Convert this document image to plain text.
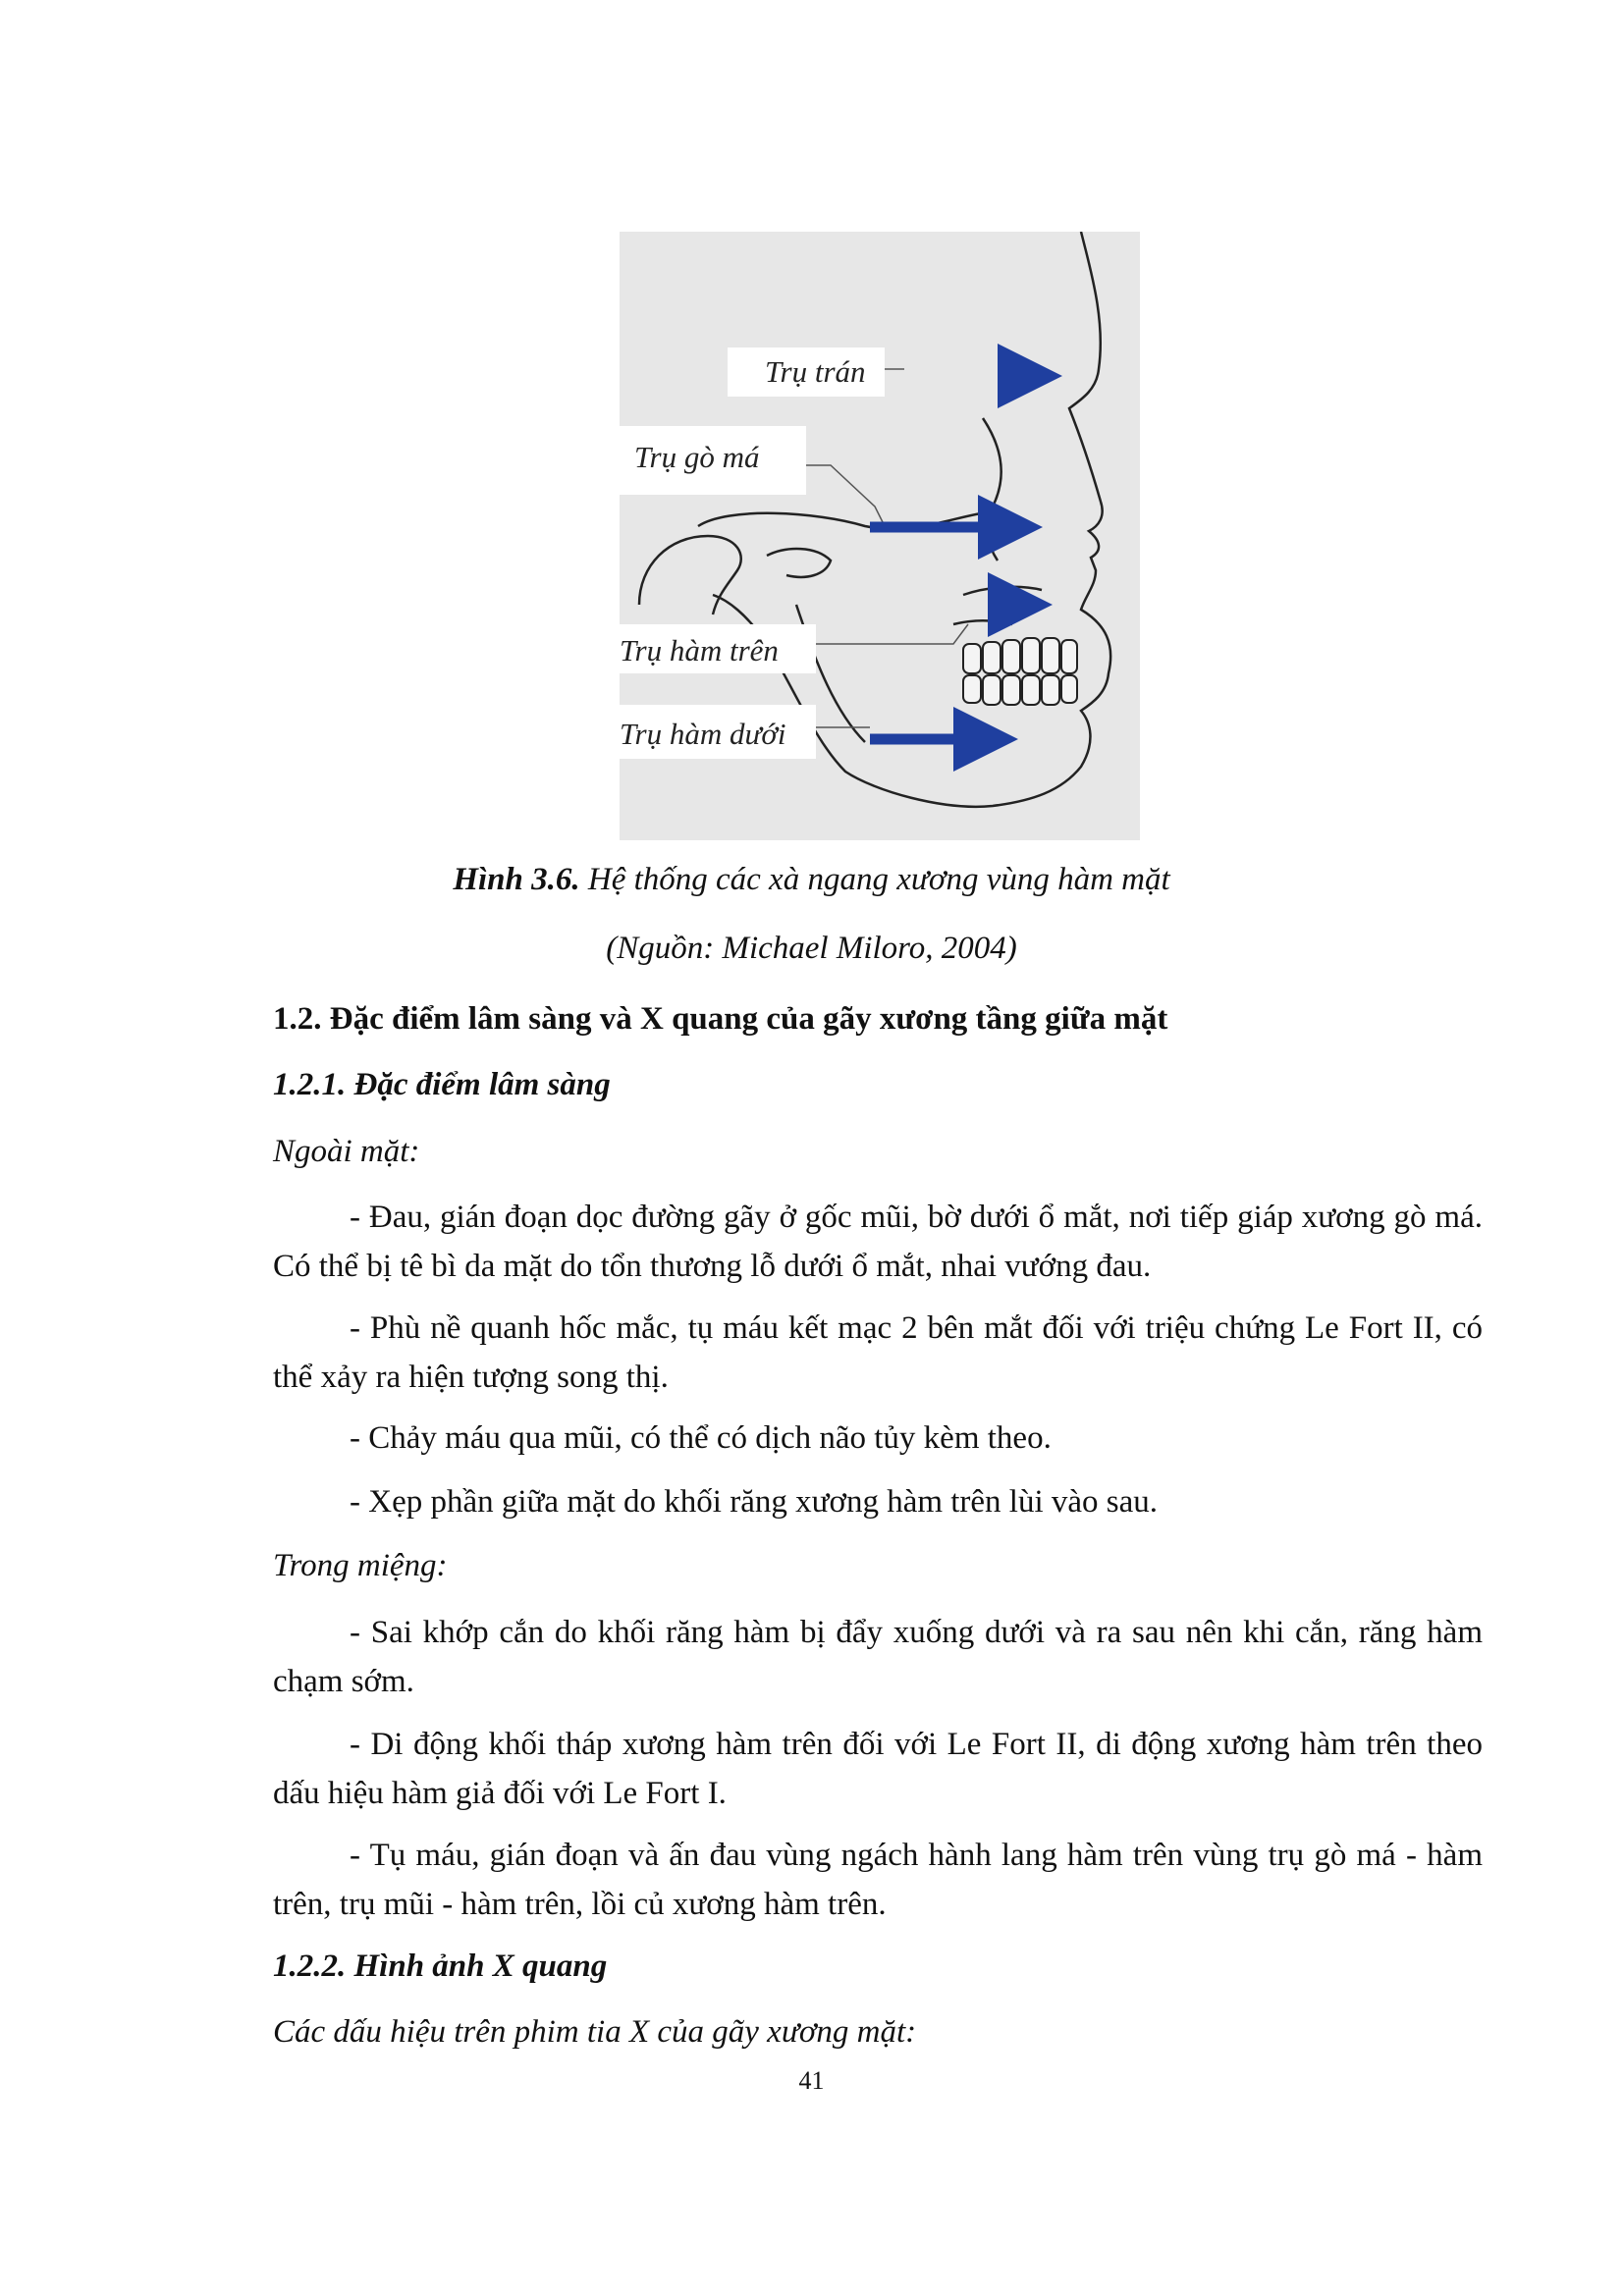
Trụ trán
Trụ gò má
Trụ hàm trên
Trụ hàm dưới
Hình 3.6. Hệ thống các xà ngang xương vùng hàm mặt
(Nguồn: Michael Miloro, 2004)
1.2. Đặc điểm lâm sàng và X quang của gãy xương tầng giữa mặt
1.2.1. Đặc điểm lâm sàng
Ngoài mặt:
- Đau, gián đoạn dọc đường gãy ở gốc mũi, bờ dưới ổ mắt, nơi tiếp giáp xương gò má. Có thể bị tê bì da mặt do tổn thương lỗ dưới ổ mắt, nhai vướng đau.
- Phù nề quanh hốc mắc, tụ máu kết mạc 2 bên mắt đối với triệu chứng Le Fort II, có thể xảy ra hiện tượng song thị.
- Chảy máu qua mũi, có thể có dịch não tủy kèm theo.
- Xẹp phần giữa mặt do khối răng xương hàm trên lùi vào sau.
Trong miệng:
- Sai khớp cắn do khối răng hàm bị đẩy xuống dưới và ra sau nên khi cắn, răng hàm chạm sớm.
- Di động khối tháp xương hàm trên đối với Le Fort II, di động xương hàm trên theo dấu hiệu hàm giả đối với Le Fort I.
- Tụ máu, gián đoạn và ấn đau vùng ngách hành lang hàm trên vùng trụ gò má - hàm trên, trụ mũi - hàm trên, lồi củ xương hàm trên.
1.2.2. Hình ảnh X quang
Các dấu hiệu trên phim tia X của gãy xương mặt:
41
